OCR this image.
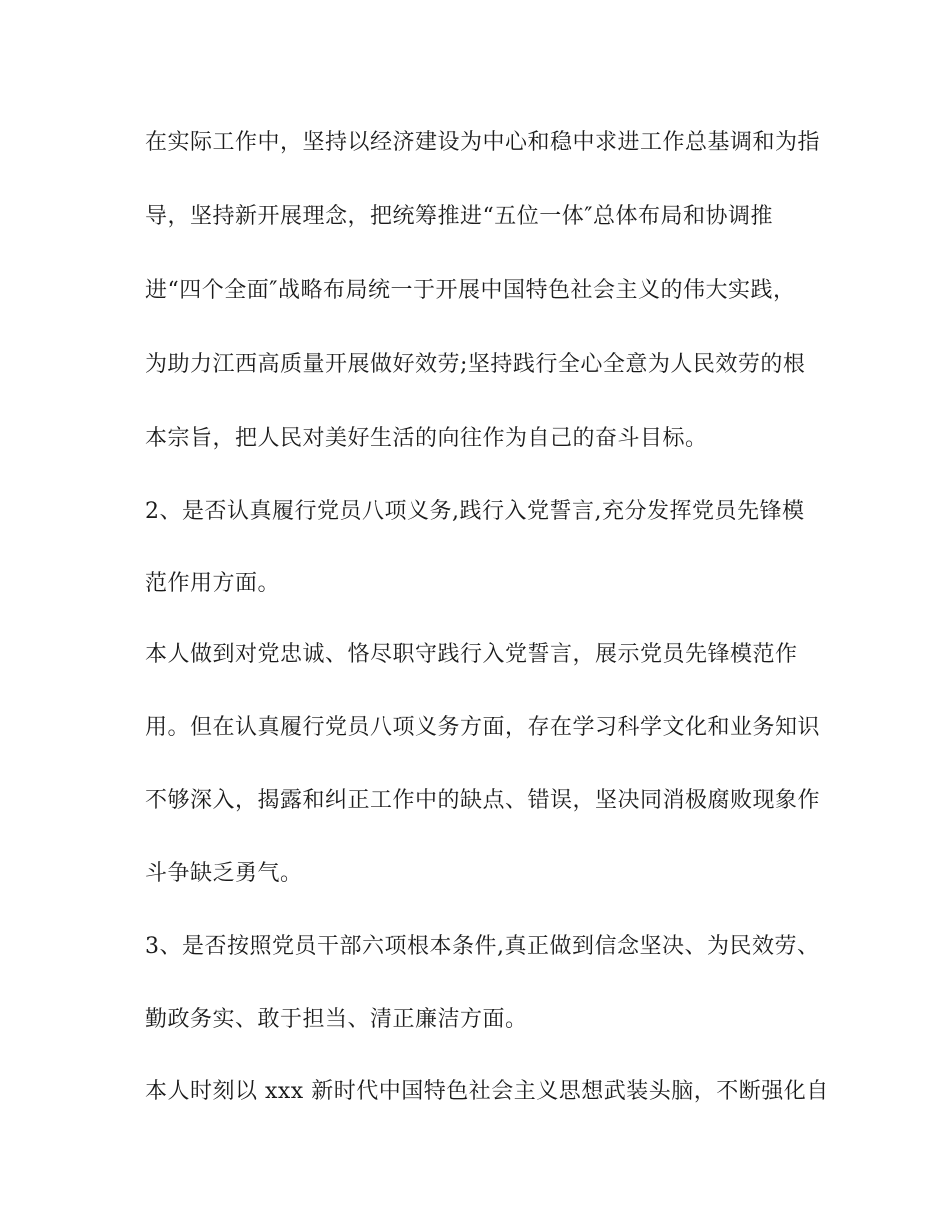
在实际工作中，坚持以经济建设为中心和稳中求进工作总基调和为指
导，坚持新开展理念，把统筹推进“五位一体″总体布局和协调推
进“四个全面″战略布局统一于开展中国特色社会主义的伟大实践，
为助力江西高质量开展做好效劳;坚持践行全心全意为人民效劳的根
本宗旨，把人民对美好生活的向往作为自己的奋斗目标。
2、是否认真履行党员八项义务,践行入党誓言,充分发挥党员先锋模
范作用方面。
本人做到对党忠诚、恪尽职守践行入党誓言，展示党员先锋模范作
用。但在认真履行党员八项义务方面，存在学习科学文化和业务知识
不够深入，揭露和纠正工作中的缺点、错误，坚决同消极腐败现象作
斗争缺乏勇气。
3、是否按照党员干部六项根本条件,真正做到信念坚决、为民效劳、
勤政务实、敢于担当、清正廉洁方面。
本人时刻以 xxx 新时代中国特色社会主义思想武装头脑，不断强化自
